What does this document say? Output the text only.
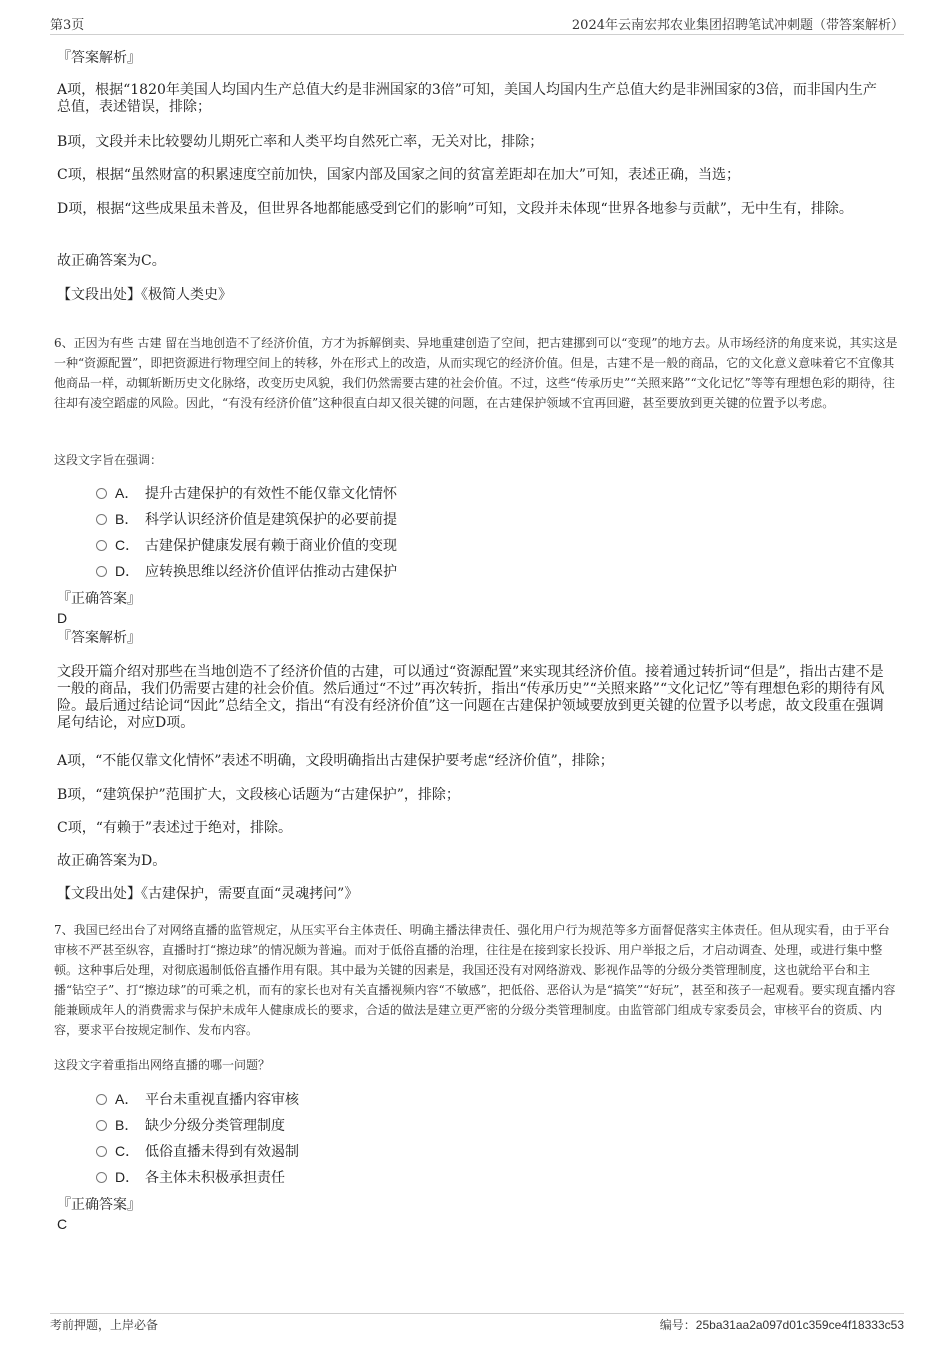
第3页	2024年云南宏邦农业集团招聘笔试冲刺题（带答案解析）
『答案解析』
A项，根据“1820年美国人均国内生产总值大约是非洲国家的3倍”可知，美国人均国内生产总值大约是非洲国家的3倍，而非国内生产总值，表述错误，排除；
B项，文段并未比较婴幼儿期死亡率和人类平均自然死亡率，无关对比，排除；
C项，根据“虽然财富的积累速度空前加快，国家内部及国家之间的贫富差距却在加大”可知，表述正确，当选；
D项，根据“这些成果虽未普及，但世界各地都能感受到它们的影响”可知，文段并未体现“世界各地参与贡献”，无中生有，排除。
故正确答案为C。
【文段出处】《极简人类史》
6、正因为有些 古建 留在当地创造不了经济价值，方才为拆解倒卖、异地重建创造了空间，把古建挪到可以“变现”的地方去。从市场经济的角度来说，其实这是一种“资源配置”，即把资源进行物理空间上的转移，外在形式上的改造，从而实现它的经济价值。但是，古建不是一般的商品，它的文化意义意味着它不宜像其他商品一样，动辄斩断历史文化脉络，改变历史风貌，我们仍然需要古建的社会价值。不过，这些“传承历史”“关照来路”“文化记忆”等等有理想色彩的期待，往往却有凌空蹈虚的风险。因此，“有没有经济价值”这种很直白却又很关键的问题，在古建保护领域不宜再回避，甚至要放到更关键的位置予以考虑。
这段文字旨在强调：
A． 提升古建保护的有效性不能仅靠文化情怀
B． 科学认识经济价值是建筑保护的必要前提
C． 古建保护健康发展有赖于商业价值的变现
D． 应转换思维以经济价值评估推动古建保护
『正确答案』
D
『答案解析』
文段开篇介绍对那些在当地创造不了经济价值的古建，可以通过“资源配置”来实现其经济价值。接着通过转折词“但是”，指出古建不是一般的商品，我们仍需要古建的社会价值。然后通过“不过”再次转折，指出“传承历史”“关照来路”“文化记忆”等有理想色彩的期待有风险。最后通过结论词“因此”总结全文，指出“有没有经济价值”这一问题在古建保护领域要放到更关键的位置予以考虑，故文段重在强调尾句结论，对应D项。
A项，“不能仅靠文化情怀”表述不明确，文段明确指出古建保护要考虑“经济价值”，排除；
B项，“建筑保护”范围扩大，文段核心话题为“古建保护”，排除；
C项，“有赖于”表述过于绝对，排除。
故正确答案为D。
【文段出处】《古建保护，需要直面“灵魂拷问”》
7、我国已经出台了对网络直播的监管规定，从压实平台主体责任、明确主播法律责任、强化用户行为规范等多方面督促落实主体责任。但从现实看，由于平台审核不严甚至纵容，直播时打“擦边球”的情况颇为普遍。而对于低俗直播的治理，往往是在接到家长投诉、用户举报之后，才启动调查、处理，或进行集中整顿。这种事后处理，对彻底遏制低俗直播作用有限。其中最为关键的因素是，我国还没有对网络游戏、影视作品等的分级分类管理制度，这也就给平台和主播“钻空子”、打“擦边球”的可乘之机，而有的家长也对有关直播视频内容“不敏感”，把低俗、恶俗认为是“搞笑”“好玩”，甚至和孩子一起观看。要实现直播内容能兼顾成年人的消费需求与保护未成年人健康成长的要求，合适的做法是建立更严密的分级分类管理制度。由监管部门组成专家委员会，审核平台的资质、内容，要求平台按规定制作、发布内容。
这段文字着重指出网络直播的哪一问题？
A． 平台未重视直播内容审核
B． 缺少分级分类管理制度
C． 低俗直播未得到有效遏制
D． 各主体未积极承担责任
『正确答案』
C
考前押题，上岸必备	编号：25ba31aa2a097d01c359ce4f18333c53
